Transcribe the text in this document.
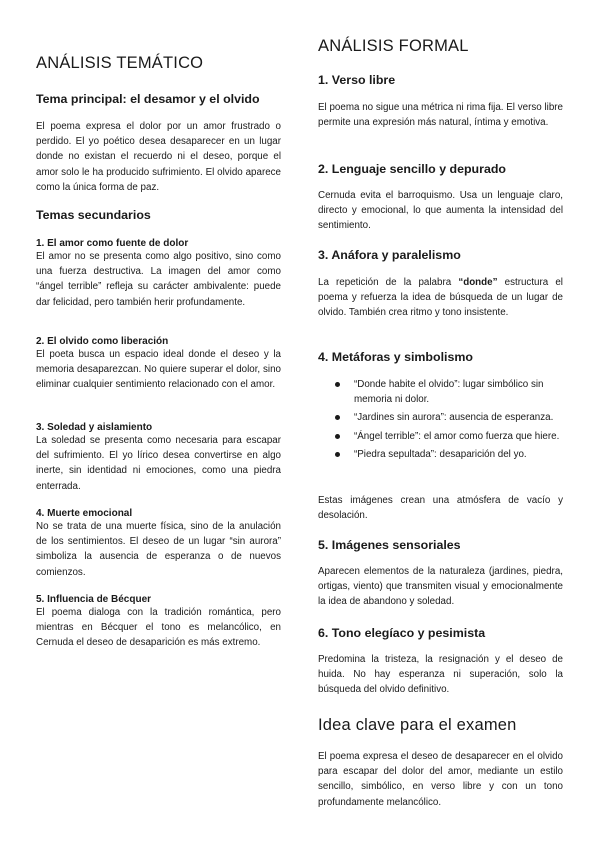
ANÁLISIS TEMÁTICO
Tema principal: el desamor y el olvido

El poema expresa el dolor por un amor frustrado o perdido. El yo poético desea desaparecer en un lugar donde no existan el recuerdo ni el deseo, porque el amor solo le ha producido sufrimiento. El olvido aparece como la única forma de paz.

Temas secundarios
1. El amor como fuente de dolor

El amor no se presenta como algo positivo, sino como una fuerza destructiva. La imagen del amor como “ángel terrible” refleja su carácter ambivalente: puede dar felicidad, pero también herir profundamente.

2. El olvido como liberación

El poeta busca un espacio ideal donde el deseo y la memoria desaparezcan. No quiere superar el dolor, sino eliminar cualquier sentimiento relacionado con el amor.

3. Soledad y aislamiento

La soledad se presenta como necesaria para escapar del sufrimiento. El yo lírico desea convertirse en algo inerte, sin identidad ni emociones, como una piedra enterrada.

4. Muerte emocional

No se trata de una muerte física, sino de la anulación de los sentimientos. El deseo de un lugar “sin aurora” simboliza la ausencia de esperanza o de nuevos comienzos.

5. Influencia de Bécquer

El poema dialoga con la tradición romántica, pero mientras en Bécquer el tono es melancólico, en Cernuda el deseo de desaparición es más extremo.

ANÁLISIS FORMAL
1. Verso libre

El poema no sigue una métrica ni rima fija. El verso libre permite una expresión más natural, íntima y emotiva.

2. Lenguaje sencillo y depurado

Cernuda evita el barroquismo. Usa un lenguaje claro, directo y emocional, lo que aumenta la intensidad del sentimiento.

3. Anáfora y paralelismo

La repetición de la palabra “donde” estructura el poema y refuerza la idea de búsqueda de un lugar de olvido. También crea ritmo y tono insistente.

4. Metáforas y simbolismo
“Donde habite el olvido”: lugar simbólico sin memoria ni dolor.
“Jardines sin aurora”: ausencia de esperanza.
“Ángel terrible”: el amor como fuerza que hiere.
“Piedra sepultada”: desaparición del yo.

Estas imágenes crean una atmósfera de vacío y desolación.

5. Imágenes sensoriales

Aparecen elementos de la naturaleza (jardines, piedra, ortigas, viento) que transmiten visual y emocionalmente la idea de abandono y soledad.

6. Tono elegíaco y pesimista

Predomina la tristeza, la resignación y el deseo de huida. No hay esperanza ni superación, solo la búsqueda del olvido definitivo.

Idea clave para el examen

El poema expresa el deseo de desaparecer en el olvido para escapar del dolor del amor, mediante un estilo sencillo, simbólico, en verso libre y con un tono profundamente melancólico.
